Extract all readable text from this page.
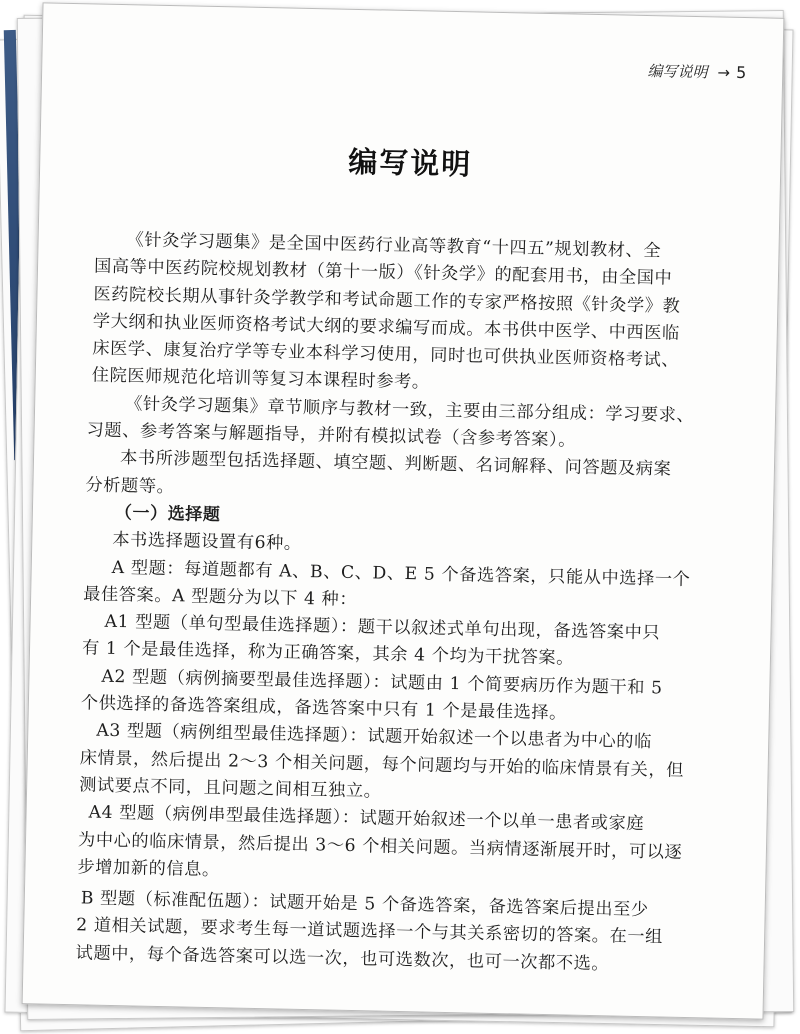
编写说明 → 5
编写说明
《针灸学习题集》是全国中医药行业高等教育“十四五”规划教材、全
国高等中医药院校规划教材（第十一版）《针灸学》的配套用书，由全国中
医药院校长期从事针灸学教学和考试命题工作的专家严格按照《针灸学》教
学大纲和执业医师资格考试大纲的要求编写而成。本书供中医学、中西医临
床医学、康复治疗学等专业本科学习使用，同时也可供执业医师资格考试、
住院医师规范化培训等复习本课程时参考。
《针灸学习题集》章节顺序与教材一致，主要由三部分组成：学习要求、
习题、参考答案与解题指导，并附有模拟试卷（含参考答案）。
本书所涉题型包括选择题、填空题、判断题、名词解释、问答题及病案
分析题等。
（一）选择题
本书选择题设置有6种。
A 型题：每道题都有 A、B、C、D、E 5 个备选答案，只能从中选择一个
最佳答案。A 型题分为以下 4 种：
A1 型题（单句型最佳选择题）：题干以叙述式单句出现，备选答案中只
有 1 个是最佳选择，称为正确答案，其余 4 个均为干扰答案。
A2 型题（病例摘要型最佳选择题）：试题由 1 个简要病历作为题干和 5
个供选择的备选答案组成，备选答案中只有 1 个是最佳选择。
A3 型题（病例组型最佳选择题）：试题开始叙述一个以患者为中心的临
床情景，然后提出 2～3 个相关问题，每个问题均与开始的临床情景有关，但
测试要点不同，且问题之间相互独立。
A4 型题（病例串型最佳选择题）：试题开始叙述一个以单一患者或家庭
为中心的临床情景，然后提出 3～6 个相关问题。当病情逐渐展开时，可以逐
步增加新的信息。
B 型题（标准配伍题）：试题开始是 5 个备选答案，备选答案后提出至少
2 道相关试题，要求考生每一道试题选择一个与其关系密切的答案。在一组
试题中，每个备选答案可以选一次，也可选数次，也可一次都不选。
